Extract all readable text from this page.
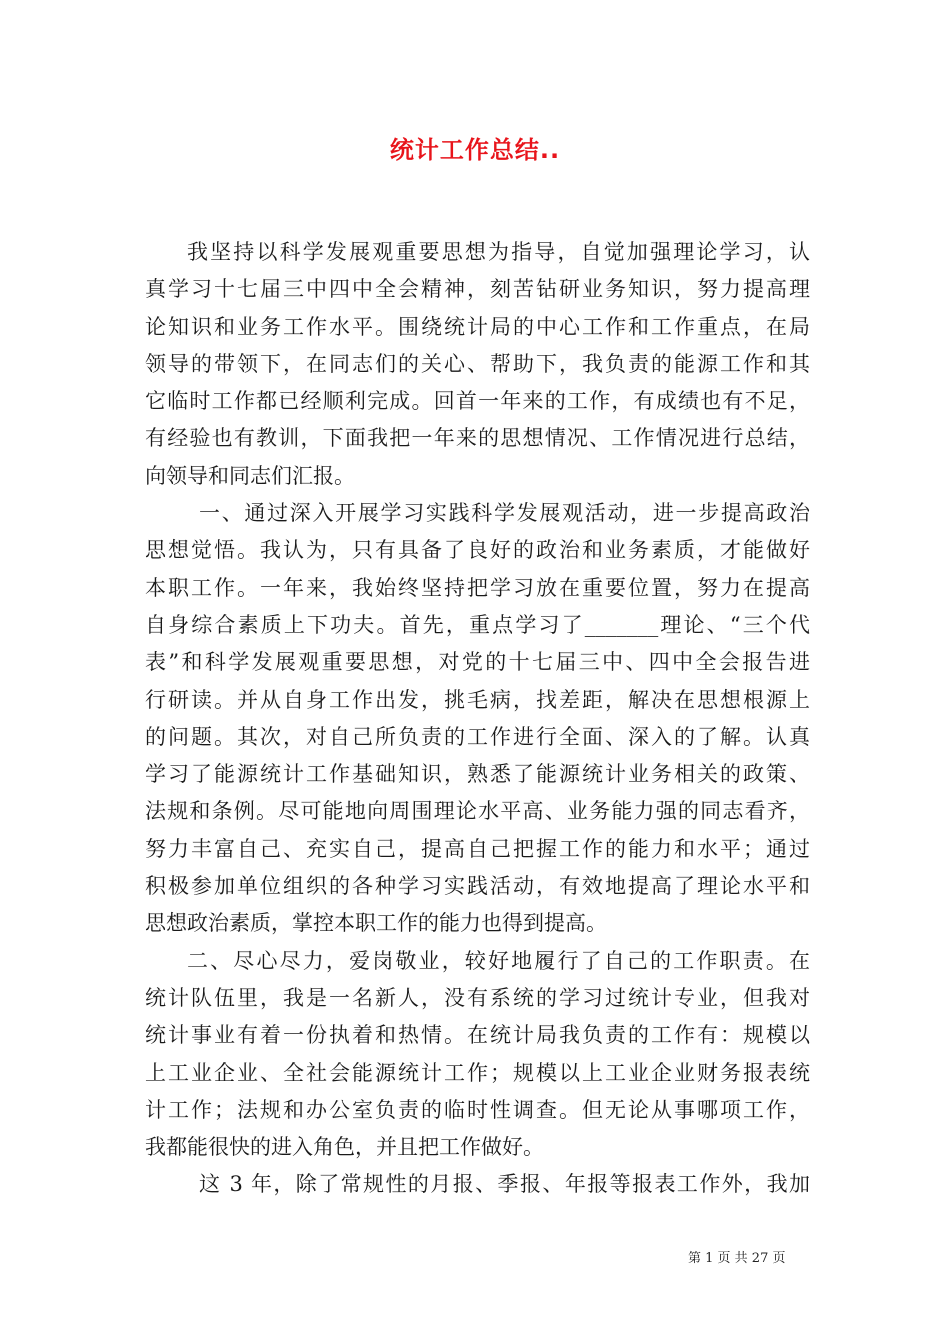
统计工作总结..
我坚持以科学发展观重要思想为指导，自觉加强理论学习，认
真学习十七届三中四中全会精神，刻苦钻研业务知识，努力提高理
论知识和业务工作水平。围绕统计局的中心工作和工作重点，在局
领导的带领下，在同志们的关心、帮助下，我负责的能源工作和其
它临时工作都已经顺利完成。回首一年来的工作，有成绩也有不足，
有经验也有教训，下面我把一年来的思想情况、工作情况进行总结，
向领导和同志们汇报。
一、通过深入开展学习实践科学发展观活动，进一步提高政治
思想觉悟。我认为，只有具备了良好的政治和业务素质，才能做好
本职工作。一年来，我始终坚持把学习放在重要位置，努力在提高
自身综合素质上下功夫。首先，重点学习了_______理论、“三个代
表”和科学发展观重要思想，对党的十七届三中、四中全会报告进
行研读。并从自身工作出发，挑毛病，找差距，解决在思想根源上
的问题。其次，对自己所负责的工作进行全面、深入的了解。认真
学习了能源统计工作基础知识，熟悉了能源统计业务相关的政策、
法规和条例。尽可能地向周围理论水平高、业务能力强的同志看齐，
努力丰富自己、充实自己，提高自己把握工作的能力和水平；通过
积极参加单位组织的各种学习实践活动，有效地提高了理论水平和
思想政治素质，掌控本职工作的能力也得到提高。
二、尽心尽力，爱岗敬业，较好地履行了自己的工作职责。在
统计队伍里，我是一名新人，没有系统的学习过统计专业，但我对
统计事业有着一份执着和热情。在统计局我负责的工作有：规模以
上工业企业、全社会能源统计工作；规模以上工业企业财务报表统
计工作；法规和办公室负责的临时性调查。但无论从事哪项工作，
我都能很快的进入角色，并且把工作做好。
这 3 年，除了常规性的月报、季报、年报等报表工作外，我加
第 1 页 共 27 页
